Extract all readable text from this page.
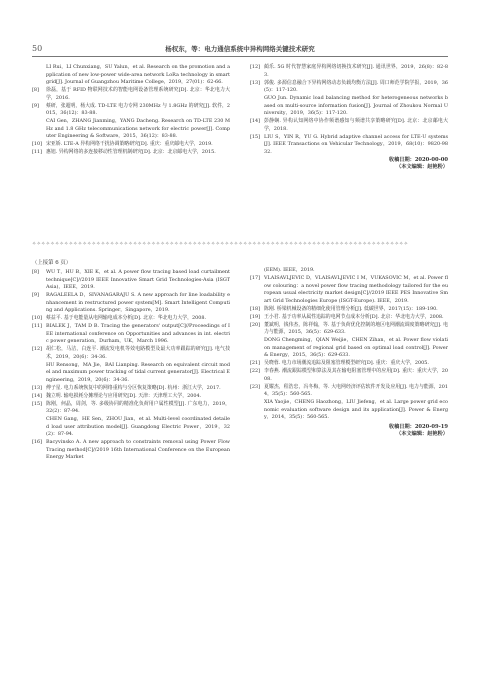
50	杨权东，等：电力通信系统中异构网络关键技术研究
LI Rui，LI Chunxiang，SU Yalun，et al. Research on the promotion and application of new low-power wide-area network LoRa technology in smart grid[J]. Journal of Guangzhou Maritime College，2019，27(01)：62-66.
[8]	徐磊，基于 RFID 物联网技术的智能电网设备管理系统研究[D]. 北京：华北电力大学，2016.
[9]	蔡研，张超明，杨大成. TD-LTE 电力专网 230MHz 与 1.8GHz 的研究[J]. 软件，2015，36(12)：83-88.
CAI Gen，ZHANG Jianming，YANG Dacheng. Research on TD-LTE 230 MHz and 1.8 GHz telecommunications network for electric power[J]. Computer Engineering & Software，2015，36(12)：83-88.
[10] 宋亚娇. LTE-A 异构网络干扰协调策略研究[D]. 重庆：重庆邮电大学，2019.
[11] 惠旭. 异构网络的多连接移动性管理机制研究[D]. 北京：北京邮电大学，2015.
[12] 蔺乐. 5G 时代智慧家庭异构网络切换技术研究[J]. 通讯世界，2019，26(8)：82-83.
[13] 郭俊. 多源信息融合下异构网络动态负载均衡方法[J]. 周口师范学院学报，2019，36(5)：117-120.
GUO Jun. Dynamic load balancing method for heterogeneous networks based on multi-source information fusion[J]. Journal of Zhoukou Normal University，2019，36(5)：117-120.
[14] 彭静娴. 异构认知网络中协作频谱感知与频谱共享策略研究[D]. 北京：北京邮电大学，2018.
[15] LIU S，YIN R，YU G. Hybrid adaptive channel access for LTE-U systems[J]. IEEE Transactions on Vehicular Technology，2019，68(10)：9820-9832.
收稿日期：2020-00-00
（本文编辑：赵艳粉）
✧✧✧✧✧✧✧✧✧✧✧✧✧✧✧✧✧✧✧✧✧✧✧✧✧✧✧✧✧✧✧✧✧✧✧✧✧✧✧✧✧✧✧✧✧✧✧✧✧✧✧✧✧✧✧✧✧✧✧✧✧✧✧✧✧✧✧✧✧✧✧✧✧✧✧✧✧✧✧✧✧✧
（上接第 6 页）
[8]	WU T，HU B，XIE K，et al. A power flow tracing based load curtailment technique[C]//2019 IEEE Innovative Smart Grid Technologies-Asia (ISGT Asia)，IEEE，2019.
[9]	RAGALEELA D，SIVANAGARAJU S. A new approach for line loadability enhancement in restructured power system[M]. Smart Intelligent Computing and Applications. Springer，Singapore，2019.
[10] 蔡益平. 基于电能量从电网输电成本分析[D]. 北京：华北电力大学，2008.
[11] BIALEK J，TAM D B. Tracing the generators' output[C]//Proceedings of IEE international conference on Opportunities and advances in int. electric power generation，Durham，UK，March 1996.
[12] 胡仁松，马洁，白连平. 潮流发电机等效电路模型及最大功率跟踪的研究[J]. 电气技术，2019，20(6)：34-36.
HU Rensong，MA Jie，BAI Lianping. Research on equivalent circuit model and maximum power tracking of tidal current generator[J]. Electrical Engineering，2019，20(6)：34-36.
[13] 傅子星. 电力系统恢复中的网络重构与分区恢复策略[D]. 杭州：浙江大学，2017.
[14] 魏立明. 输电损耗分摊理论与应用研究[D]. 天津：天津理工大学，2004.
[15] 陈刚，何晶，周剑，等. 多级协同的精准化负荷用户属性模型[J]. 广东电力，2019，32(2)：87-94.
CHEN Gang，HE Sen，ZHOU Jian，et al. Multi-level coordinated detailed load user attribution model[J]. Guangdong Electric Power，2019，32(2)：87-94.
[16] Bacyvinsko A. A new approach to constraints removal using Power Flow Tracing method[C]//2019 16th International Conference on the European Energy Market
(EEM). IEEE，2019.
[17] VLAISAVLJEVIC D，VLAISAVLJEVIC I M，VUKASOVIC M，et al. Power flow colouring：a novel power flow tracing methodology tailored for the european usual electricity market design[C]//2019 IEEE PES Innovative Smart Grid Technologies Europe (ISGT-Europe). IEEE，2019.
[18] 陈刚. 桥梁机械设备的精细化使用管理分析[J]. 低碳世界，2017(15)：189-190.
[19] 王小君. 基于功率从属性追踪的电网节点成本分析[D]. 北京：华北电力大学，2008.
[20] 董斌明，钱伟杰，陈祥翰，等. 基于负荷优化控制的地区电网潮流调度策略研究[J]. 电力与能源，2015，36(5)：629-633.
DONG Chengming，QIAN Weijie，CHEN Zihan，et al. Power flow violation management of regional grid based on optimal load control[J]. Power & Energy，2015，36(5)：629-633.
[21] 吴晓蓉. 电力市场潮流追踪及阻塞管理模型研究[D]. 重庆：重庆大学，2005.
[22] 李春燕. 潮流跟踪模型和算法及其在输电阻塞管理中的应用[D]. 重庆：重庆大学，2008.
[23] 夏耀杰，程浩忠，冯冬梅，等. 大电网经济评估软件开发及应用[J]. 电力与能源，2014，35(5)：560-565.
XIA Yaojie，CHENG Haozhong，LIU Jiefeng，et al. Large power grid economic evaluation software design and its application[J]. Power & Energy，2014，35(5)：560-565.
收稿日期：2020-09-19
（本文编辑：赵艳粉）
